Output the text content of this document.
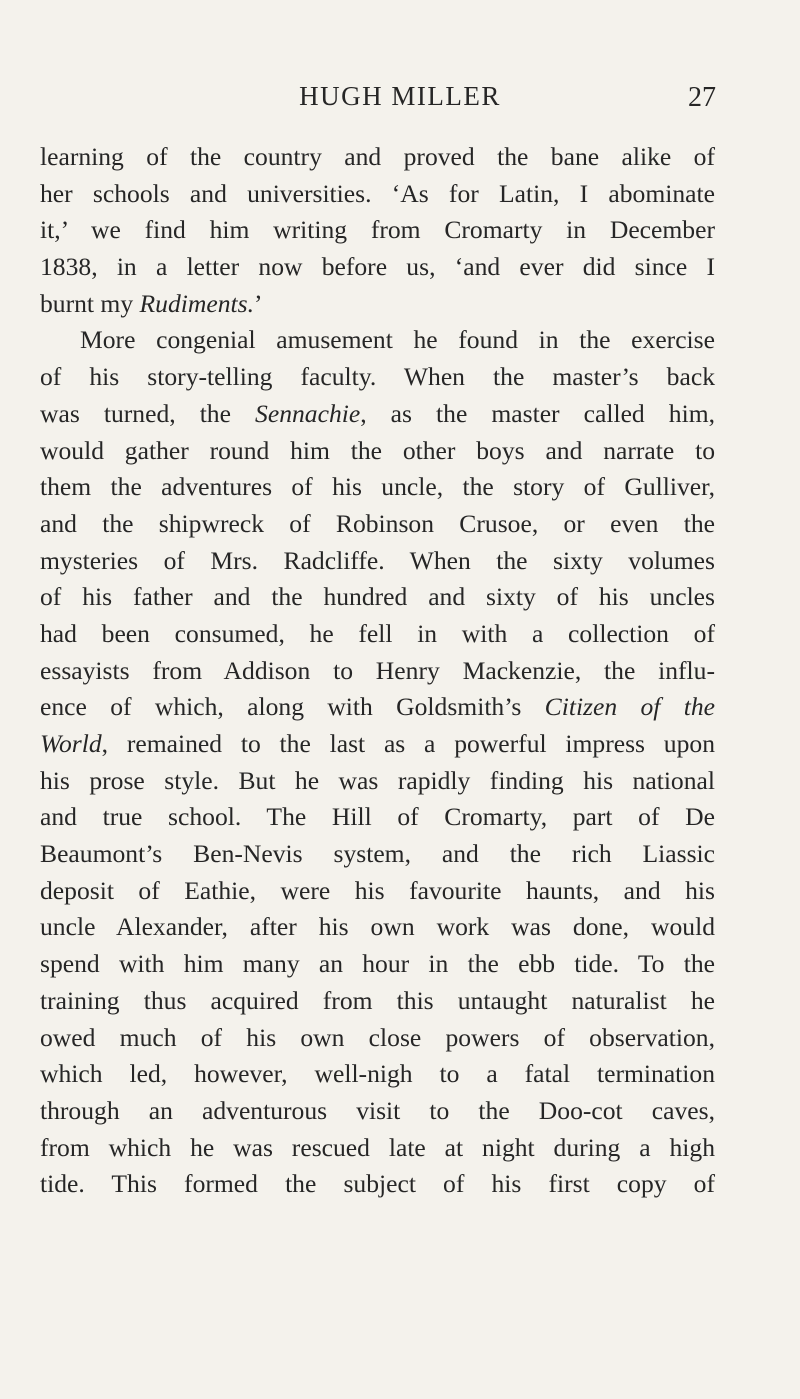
HUGH MILLER	27
learning of the country and proved the bane alike of
her schools and universities. ‘As for Latin, I abominate
it,’ we find him writing from Cromarty in December
1838, in a letter now before us, ‘and ever did since I
burnt my Rudiments.’
More congenial amusement he found in the exercise
of his story-telling faculty. When the master’s back
was turned, the Sennachie, as the master called him,
would gather round him the other boys and narrate to
them the adventures of his uncle, the story of Gulliver,
and the shipwreck of Robinson Crusoe, or even the
mysteries of Mrs. Radcliffe. When the sixty volumes
of his father and the hundred and sixty of his uncles
had been consumed, he fell in with a collection of
essayists from Addison to Henry Mackenzie, the influ-
ence of which, along with Goldsmith’s Citizen of the
World, remained to the last as a powerful impress upon
his prose style. But he was rapidly finding his national
and true school. The Hill of Cromarty, part of De
Beaumont’s Ben-Nevis system, and the rich Liassic
deposit of Eathie, were his favourite haunts, and his
uncle Alexander, after his own work was done, would
spend with him many an hour in the ebb tide. To the
training thus acquired from this untaught naturalist he
owed much of his own close powers of observation,
which led, however, well-nigh to a fatal termination
through an adventurous visit to the Doo-cot caves,
from which he was rescued late at night during a high
tide. This formed the subject of his first copy of
